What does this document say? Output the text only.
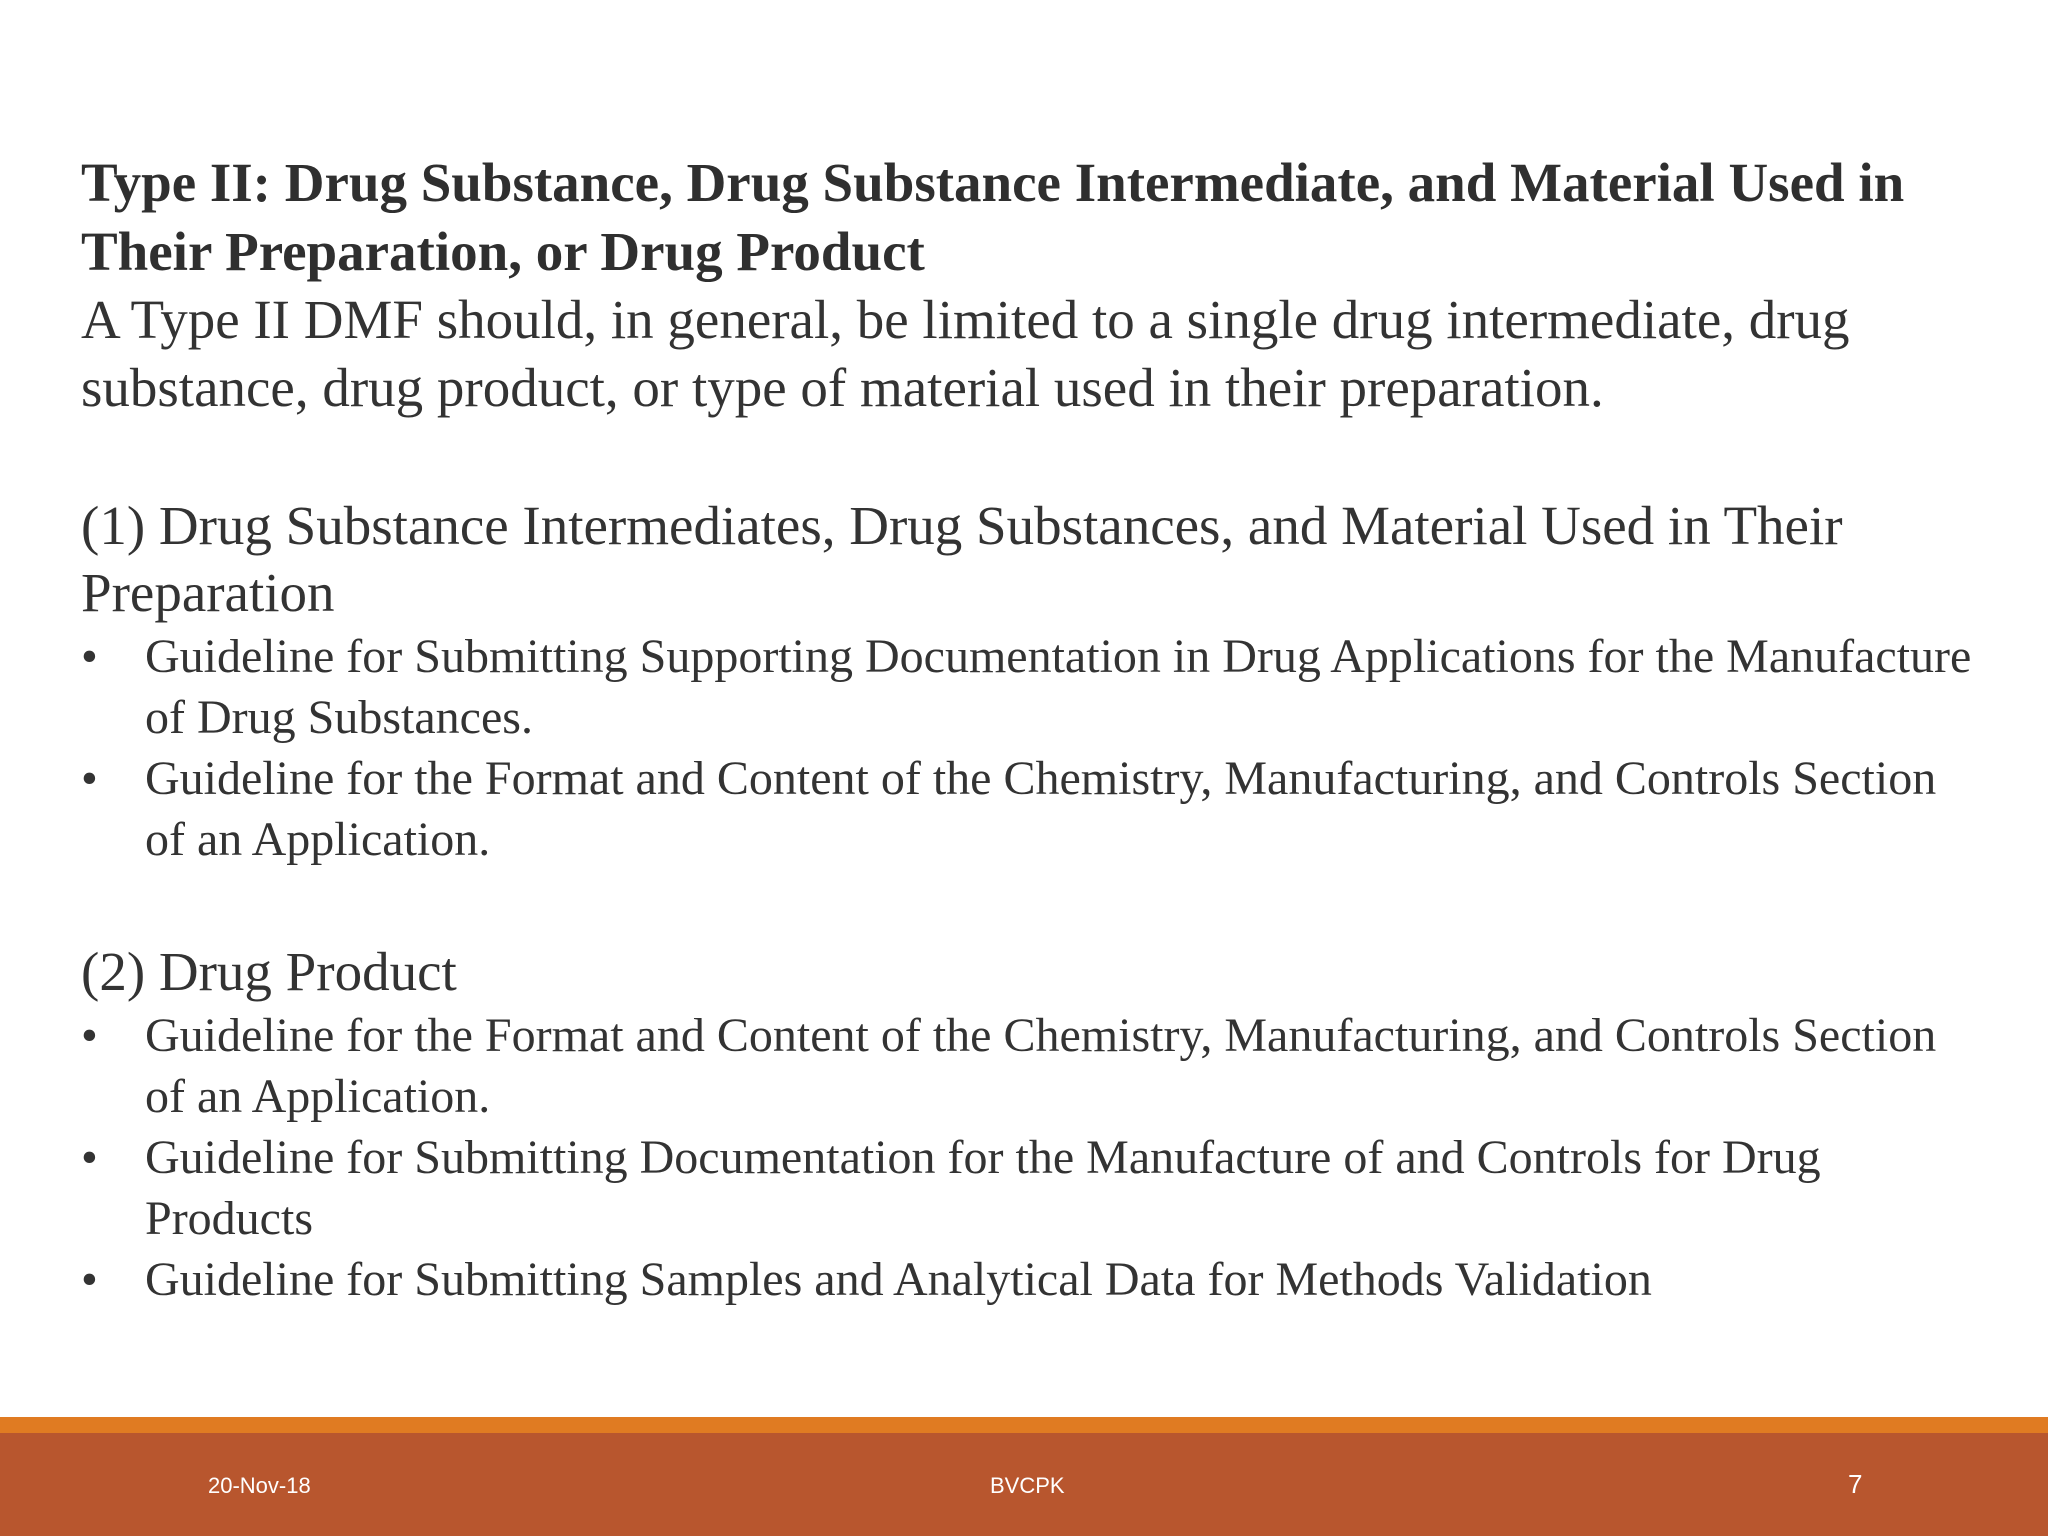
Type II: Drug Substance, Drug Substance Intermediate, and Material Used in Their Preparation, or Drug Product

A Type II DMF should, in general, be limited to a single drug intermediate, drug substance, drug product, or type of material used in their preparation.

(1) Drug Substance Intermediates, Drug Substances, and Material Used in Their Preparation

• Guideline for Submitting Supporting Documentation in Drug Applications for the Manufacture of Drug Substances.
• Guideline for the Format and Content of the Chemistry, Manufacturing, and Controls Section of an Application.

(2) Drug Product

• Guideline for the Format and Content of the Chemistry, Manufacturing, and Controls Section of an Application.
• Guideline for Submitting Documentation for the Manufacture of and Controls for Drug Products
• Guideline for Submitting Samples and Analytical Data for Methods Validation
20-Nov-18	BVCPK	7
